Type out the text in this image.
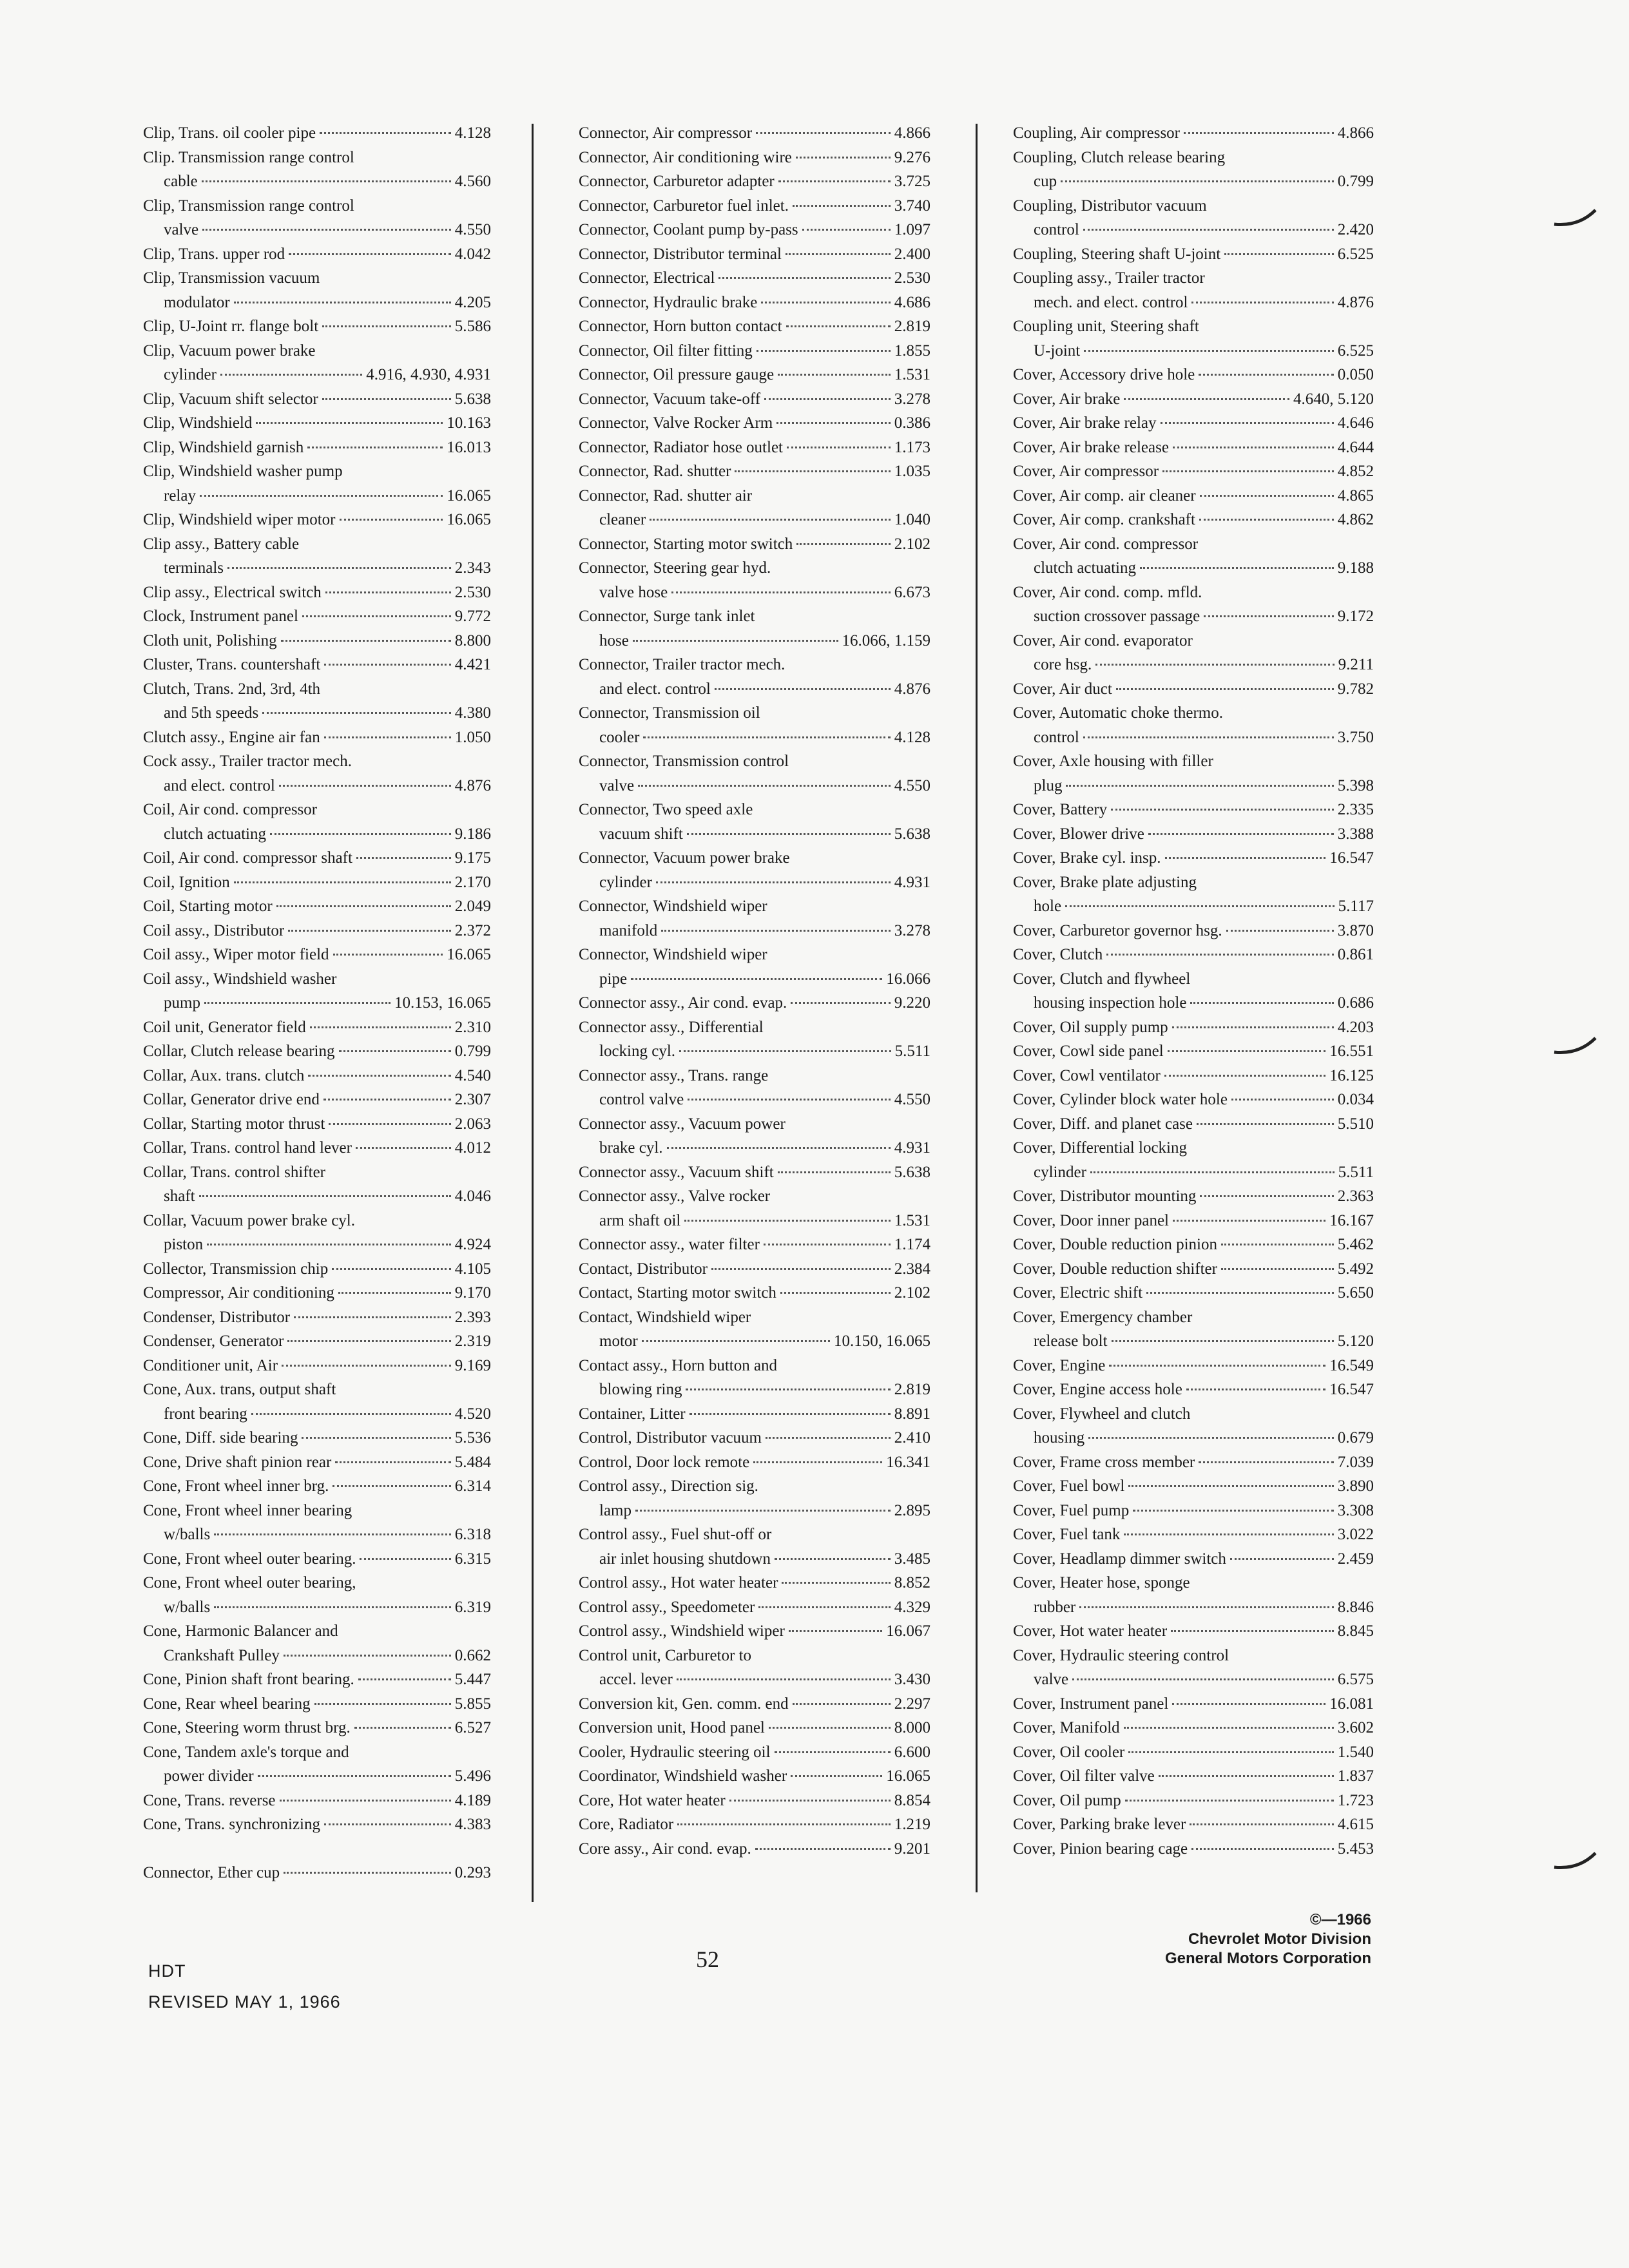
Clip, Trans. oil cooler pipe	4.128
Clip. Transmission range control
cable	4.560
Clip, Transmission range control
valve	4.550
Clip, Trans. upper rod	4.042
Clip, Transmission vacuum
modulator	4.205
Clip, U-Joint rr. flange bolt	5.586
Clip, Vacuum power brake
cylinder	4.916, 4.930, 4.931
Clip, Vacuum shift selector	5.638
Clip, Windshield	10.163
Clip, Windshield garnish	16.013
Clip, Windshield washer pump
relay	16.065
Clip, Windshield wiper motor	16.065
Clip assy., Battery cable
terminals	2.343
Clip assy., Electrical switch	2.530
Clock, Instrument panel	9.772
Cloth unit, Polishing	8.800
Cluster, Trans. countershaft	4.421
Clutch, Trans. 2nd, 3rd, 4th
and 5th speeds	4.380
Clutch assy., Engine air fan	1.050
Cock assy., Trailer tractor mech.
and elect. control	4.876
Coil, Air cond. compressor
clutch actuating	9.186
Coil, Air cond. compressor shaft	9.175
Coil, Ignition	2.170
Coil, Starting motor	2.049
Coil assy., Distributor	2.372
Coil assy., Wiper motor field	16.065
Coil assy., Windshield washer
pump	10.153, 16.065
Coil unit, Generator field	2.310
Collar, Clutch release bearing	0.799
Collar, Aux. trans. clutch	4.540
Collar, Generator drive end	2.307
Collar, Starting motor thrust	2.063
Collar, Trans. control hand lever	4.012
Collar, Trans. control shifter
shaft	4.046
Collar, Vacuum power brake cyl.
piston	4.924
Collector, Transmission chip	4.105
Compressor, Air conditioning	9.170
Condenser, Distributor	2.393
Condenser, Generator	2.319
Conditioner unit, Air	9.169
Cone, Aux. trans, output shaft
front bearing	4.520
Cone, Diff. side bearing	5.536
Cone, Drive shaft pinion rear	5.484
Cone, Front wheel inner brg.	6.314
Cone, Front wheel inner bearing
w/balls	6.318
Cone, Front wheel outer bearing.	6.315
Cone, Front wheel outer bearing,
w/balls	6.319
Cone, Harmonic Balancer and
Crankshaft Pulley	0.662
Cone, Pinion shaft front bearing.	5.447
Cone, Rear wheel bearing	5.855
Cone, Steering worm thrust brg.	6.527
Cone, Tandem axle's torque and
power divider	5.496
Cone, Trans. reverse	4.189
Cone, Trans. synchronizing	4.383
Connector, Ether cup	0.293
Connector, Air compressor	4.866
Connector, Air conditioning wire	9.276
Connector, Carburetor adapter	3.725
Connector, Carburetor fuel inlet.	3.740
Connector, Coolant pump by-pass	1.097
Connector, Distributor terminal	2.400
Connector, Electrical	2.530
Connector, Hydraulic brake	4.686
Connector, Horn button contact	2.819
Connector, Oil filter fitting	1.855
Connector, Oil pressure gauge	1.531
Connector, Vacuum take-off	3.278
Connector, Valve Rocker Arm	0.386
Connector, Radiator hose outlet	1.173
Connector, Rad. shutter	1.035
Connector, Rad. shutter air
cleaner	1.040
Connector, Starting motor switch	2.102
Connector, Steering gear hyd.
valve hose	6.673
Connector, Surge tank inlet
hose	16.066, 1.159
Connector, Trailer tractor mech.
and elect. control	4.876
Connector, Transmission oil
cooler	4.128
Connector, Transmission control
valve	4.550
Connector, Two speed axle
vacuum shift	5.638
Connector, Vacuum power brake
cylinder	4.931
Connector, Windshield wiper
manifold	3.278
Connector, Windshield wiper
pipe	16.066
Connector assy., Air cond. evap.	9.220
Connector assy., Differential
locking cyl.	5.511
Connector assy., Trans. range
control valve	4.550
Connector assy., Vacuum power
brake cyl.	4.931
Connector assy., Vacuum shift	5.638
Connector assy., Valve rocker
arm shaft oil	1.531
Connector assy., water filter	1.174
Contact, Distributor	2.384
Contact, Starting motor switch	2.102
Contact, Windshield wiper
motor	10.150, 16.065
Contact assy., Horn button and
blowing ring	2.819
Container, Litter	8.891
Control, Distributor vacuum	2.410
Control, Door lock remote	16.341
Control assy., Direction sig.
lamp	2.895
Control assy., Fuel shut-off or
air inlet housing shutdown	3.485
Control assy., Hot water heater	8.852
Control assy., Speedometer	4.329
Control assy., Windshield wiper	16.067
Control unit, Carburetor to
accel. lever	3.430
Conversion kit, Gen. comm. end	2.297
Conversion unit, Hood panel	8.000
Cooler, Hydraulic steering oil	6.600
Coordinator, Windshield washer	16.065
Core, Hot water heater	8.854
Core, Radiator	1.219
Core assy., Air cond. evap.	9.201
Coupling, Air compressor	4.866
Coupling, Clutch release bearing
cup	0.799
Coupling, Distributor vacuum
control	2.420
Coupling, Steering shaft U-joint	6.525
Coupling assy., Trailer tractor
mech. and elect. control	4.876
Coupling unit, Steering shaft
U-joint	6.525
Cover, Accessory drive hole	0.050
Cover, Air brake	4.640, 5.120
Cover, Air brake relay	4.646
Cover, Air brake release	4.644
Cover, Air compressor	4.852
Cover, Air comp. air cleaner	4.865
Cover, Air comp. crankshaft	4.862
Cover, Air cond. compressor
clutch actuating	9.188
Cover, Air cond. comp. mfld.
suction crossover passage	9.172
Cover, Air cond. evaporator
core hsg.	9.211
Cover, Air duct	9.782
Cover, Automatic choke thermo.
control	3.750
Cover, Axle housing with filler
plug	5.398
Cover, Battery	2.335
Cover, Blower drive	3.388
Cover, Brake cyl. insp.	16.547
Cover, Brake plate adjusting
hole	5.117
Cover, Carburetor governor hsg.	3.870
Cover, Clutch	0.861
Cover, Clutch and flywheel
housing inspection hole	0.686
Cover, Oil supply pump	4.203
Cover, Cowl side panel	16.551
Cover, Cowl ventilator	16.125
Cover, Cylinder block water hole	0.034
Cover, Diff. and planet case	5.510
Cover, Differential locking
cylinder	5.511
Cover, Distributor mounting	2.363
Cover, Door inner panel	16.167
Cover, Double reduction pinion	5.462
Cover, Double reduction shifter	5.492
Cover, Electric shift	5.650
Cover, Emergency chamber
release bolt	5.120
Cover, Engine	16.549
Cover, Engine access hole	16.547
Cover, Flywheel and clutch
housing	0.679
Cover, Frame cross member	7.039
Cover, Fuel bowl	3.890
Cover, Fuel pump	3.308
Cover, Fuel tank	3.022
Cover, Headlamp dimmer switch	2.459
Cover, Heater hose, sponge
rubber	8.846
Cover, Hot water heater	8.845
Cover, Hydraulic steering control
valve	6.575
Cover, Instrument panel	16.081
Cover, Manifold	3.602
Cover, Oil cooler	1.540
Cover, Oil filter valve	1.837
Cover, Oil pump	1.723
Cover, Parking brake lever	4.615
Cover, Pinion bearing cage	5.453
HDT
REVISED MAY 1, 1966
52
©—1966
Chevrolet Motor Division
General Motors Corporation
